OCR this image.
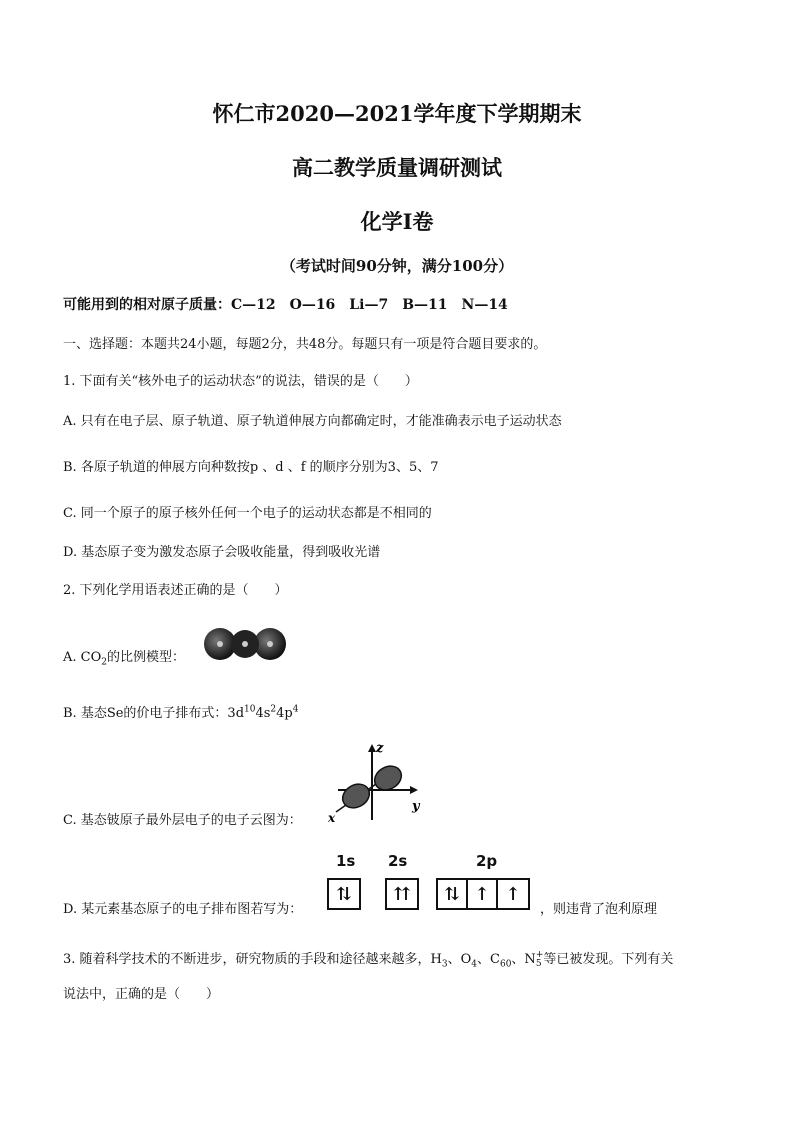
怀仁市2020—2021学年度下学期期末
高二教学质量调研测试
化学Ⅰ卷
（考试时间90分钟，满分100分）
可能用到的相对原子质量：C—12　O—16　Li—7　B—11　N—14
一、选择题：本题共24小题，每题2分，共48分。每题只有一项是符合题目要求的。
1. 下面有关“核外电子的运动状态”的说法，错误的是（　　）
A. 只有在电子层、原子轨道、原子轨道伸展方向都确定时，才能准确表示电子运动状态
B. 各原子轨道的伸展方向种数按p 、d 、f 的顺序分别为3、5、7
C. 同一个原子的原子核外任何一个电子的运动状态都是不相同的
D. 基态原子变为激发态原子会吸收能量，得到吸收光谱
2. 下列化学用语表述正确的是（　　）
A. $CO_2$的比例模型：
B. 基态Se的价电子排布式：$3d^{10}4s^24p^4$
z
y
x
C. 基态铍原子最外层电子的电子云图为：
1s 2s	2p
⇅	⇈	⇅ ↑ ↑
D. 某元素基态原子的电子排布图若写为：	，则违背了泡利原理
3. 随着科学技术的不断进步，研究物质的手段和途径越来越多，$H_3$、$O_4$、$C_{60}$、N +
5 等已被发现。下列有关
说法中，正确的是（　　）
